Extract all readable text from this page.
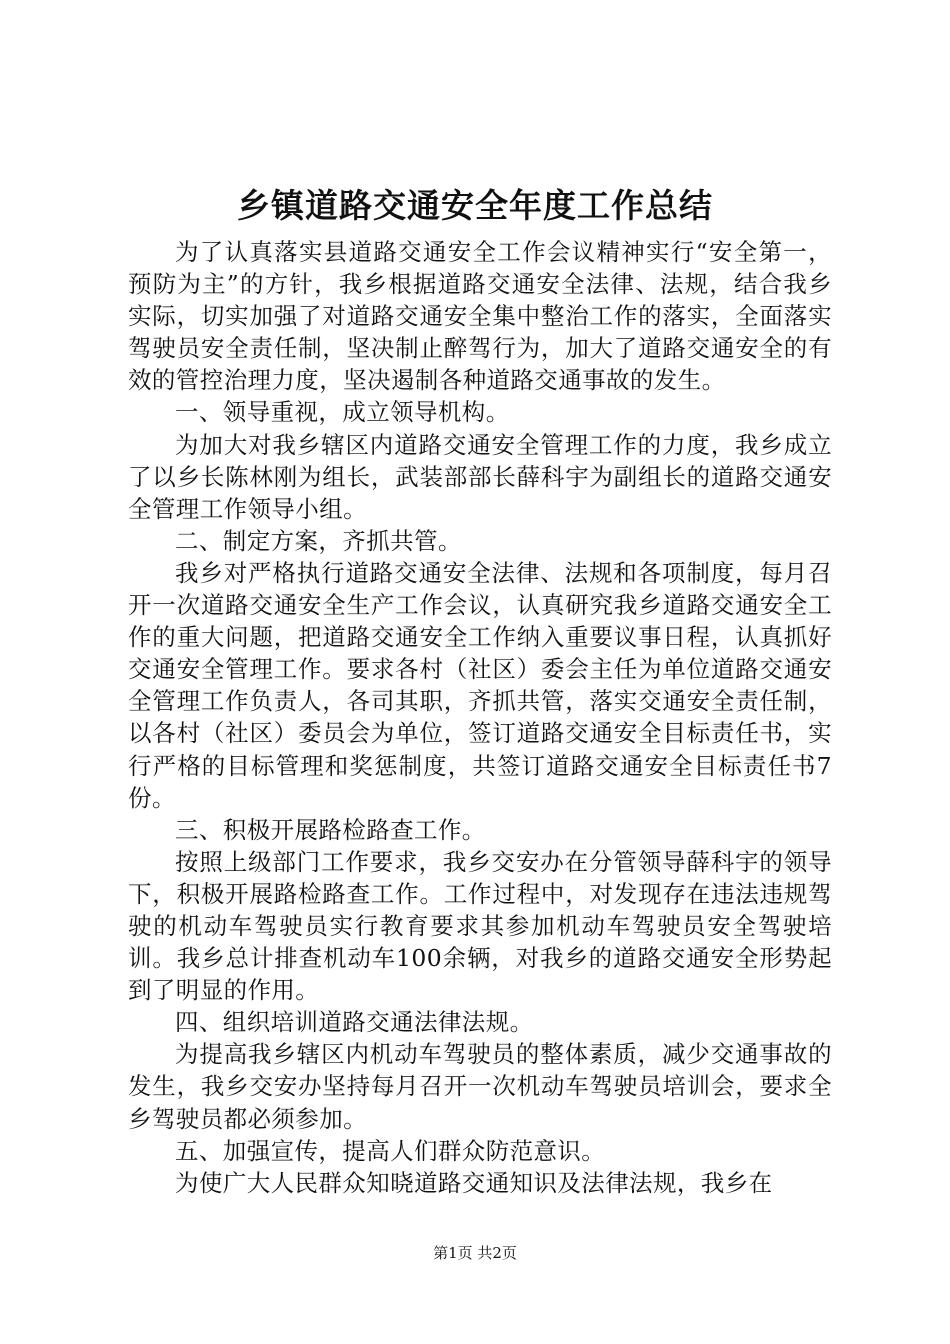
乡镇道路交通安全年度工作总结

为了认真落实县道路交通安全工作会议精神实行“安全第一，预防为主”的方针，我乡根据道路交通安全法律、法规，结合我乡实际，切实加强了对道路交通安全集中整治工作的落实，全面落实驾驶员安全责任制，坚决制止醉驾行为，加大了道路交通安全的有效的管控治理力度，坚决遏制各种道路交通事故的发生。

一、领导重视，成立领导机构。

为加大对我乡辖区内道路交通安全管理工作的力度，我乡成立了以乡长陈林刚为组长，武装部部长薛科宇为副组长的道路交通安全管理工作领导小组。

二、制定方案，齐抓共管。

我乡对严格执行道路交通安全法律、法规和各项制度，每月召开一次道路交通安全生产工作会议，认真研究我乡道路交通安全工作的重大问题，把道路交通安全工作纳入重要议事日程，认真抓好交通安全管理工作。要求各村（社区）委会主任为单位道路交通安全管理工作负责人，各司其职，齐抓共管，落实交通安全责任制，以各村（社区）委员会为单位，签订道路交通安全目标责任书，实行严格的目标管理和奖惩制度，共签订道路交通安全目标责任书7份。

三、积极开展路检路查工作。

按照上级部门工作要求，我乡交安办在分管领导薛科宇的领导下，积极开展路检路查工作。工作过程中，对发现存在违法违规驾驶的机动车驾驶员实行教育要求其参加机动车驾驶员安全驾驶培训。我乡总计排查机动车100余辆，对我乡的道路交通安全形势起到了明显的作用。

四、组织培训道路交通法律法规。

为提高我乡辖区内机动车驾驶员的整体素质，减少交通事故的发生，我乡交安办坚持每月召开一次机动车驾驶员培训会，要求全乡驾驶员都必须参加。

五、加强宣传，提高人们群众防范意识。

为使广大人民群众知晓道路交通知识及法律法规，我乡在

第1页 共2页
